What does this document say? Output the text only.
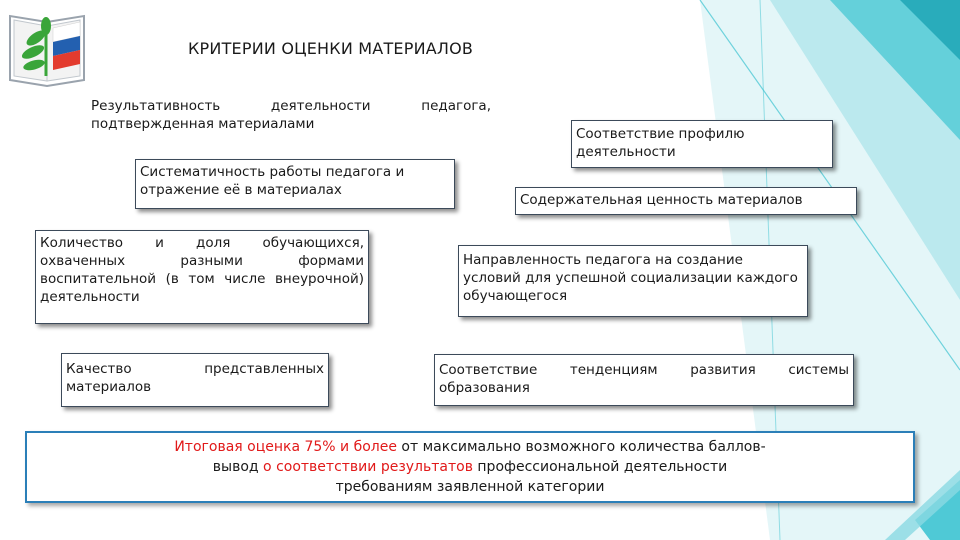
КРИТЕРИИ ОЦЕНКИ МАТЕРИАЛОВ
Результативность деятельности педагога, подтвержденная материалами
Систематичность работы педагога и отражение её в материалах
Количество и доля обучающихся, охваченных разными формами воспитательной (в том числе внеурочной) деятельности
Качество представленных материалов
Соответствие профилю деятельности
Содержательная ценность материалов
Направленность педагога на создание условий для успешной социализации каждого обучающегося
Соответствие тенденциям развития системы образования
Итоговая оценка 75% и более от максимально возможного количества баллов-
вывод о соответствии результатов профессиональной деятельности
требованиям заявленной категории
